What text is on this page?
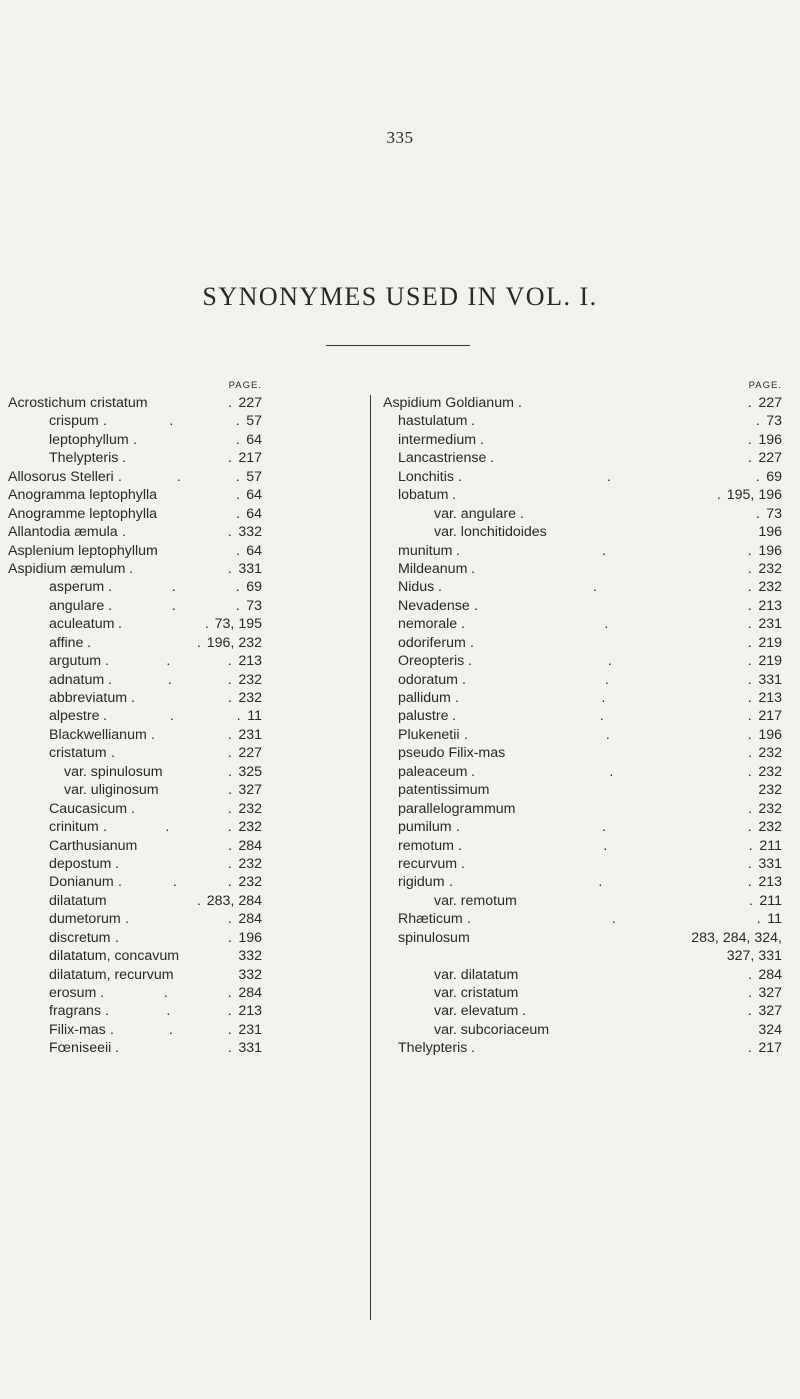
335
SYNONYMES USED IN VOL. I.
PAGE.
Acrostichum cristatum	. 227
crispum . . . 57
leptophyllum . . 64
Thelypteris . . 217
Allosorus Stelleri . . . 57
Anogramma leptophylla	. 64
Anogramme leptophylla	. 64
Allantodia æmula . . 332
Asplenium leptophyllum	. 64
Aspidium æmulum . . 331
asperum . . . 69
angulare . . . 73
aculeatum . . 73, 195
affine . . 196, 232
argutum . . . 213
adnatum . . . 232
abbreviatum . . 232
alpestre . . . 11
Blackwellianum . . 231
cristatum . . 227
var. spinulosum	. 325
var. uliginosum	. 327
Caucasicum . . 232
crinitum . . . 232
Carthusianum	. 284
depostum . . 232
Donianum . . . 232
dilatatum	. 283, 284
dumetorum . . 284
discretum . . 196
dilatatum, concavum	332
dilatatum, recurvum	332
erosum . . . 284
fragrans . . . 213
Filix-mas . . . 231
Fœniseeii . . 331
PAGE.
Aspidium Goldianum . . 227
hastulatum . . 73
intermedium . . 196
Lancastriense . . 227
Lonchitis . . . 69
lobatum . . 195, 196
var. angulare . . 73
var. lonchitidoides	196
munitum . . . 196
Mildeanum . . 232
Nidus . . . 232
Nevadense . . 213
nemorale . . . 231
odoriferum . . 219
Oreopteris . . . 219
odoratum . . . 331
pallidum . . . 213
palustre . . . 217
Plukenetii . . . 196
pseudo Filix-mas	. 232
paleaceum . . . 232
patentissimum	232
parallelogrammum	. 232
pumilum . . . 232
remotum . . . 211
recurvum . . 331
rigidum . . . 213
var. remotum	. 211
Rhæticum . . . 11
spinulosum	283, 284, 324,
327, 331
var. dilatatum	. 284
var. cristatum	. 327
var. elevatum . . 327
var. subcoriaceum	324
Thelypteris . . 217
